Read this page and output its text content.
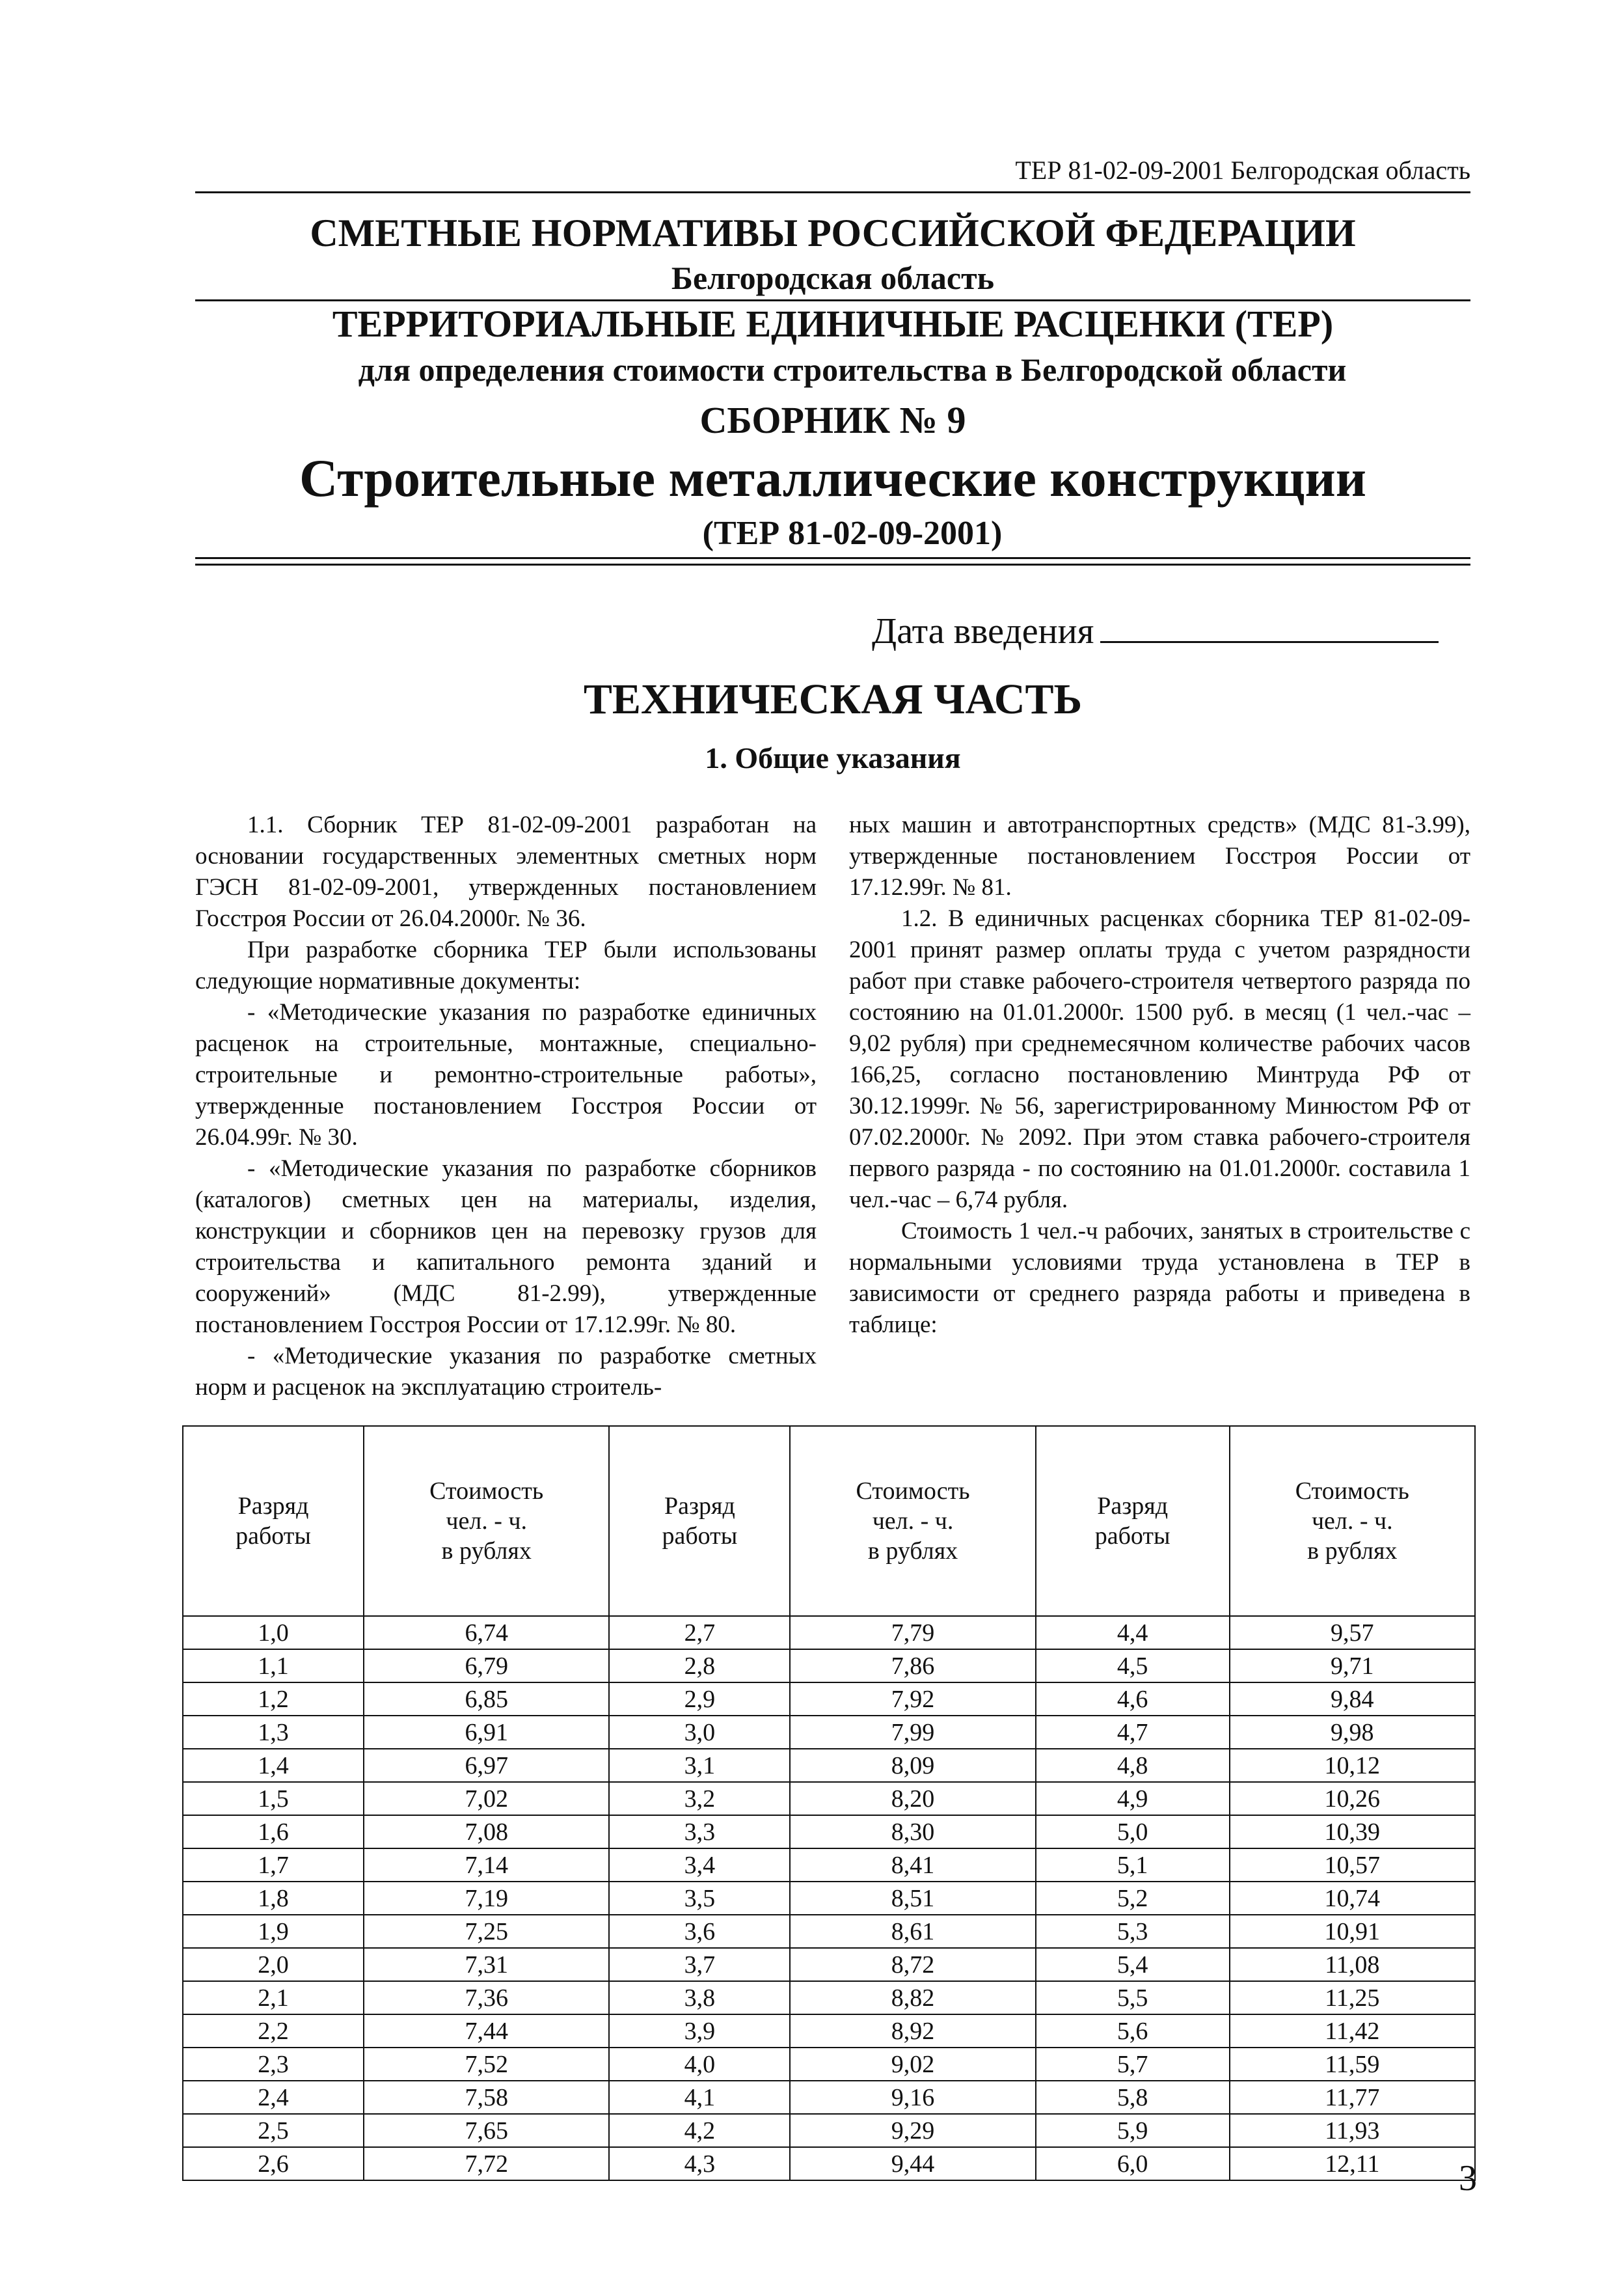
ТЕР 81-02-09-2001 Белгородская область
СМЕТНЫЕ НОРМАТИВЫ РОССИЙСКОЙ ФЕДЕРАЦИИ
Белгородская область
ТЕРРИТОРИАЛЬНЫЕ ЕДИНИЧНЫЕ РАСЦЕНКИ (ТЕР)
для определения стоимости строительства в Белгородской области
СБОРНИК № 9
Строительные металлические конструкции
(ТЕР 81-02-09-2001)
Дата введения
ТЕХНИЧЕСКАЯ ЧАСТЬ
1. Общие указания

1.1. Сборник ТЕР 81-02-09-2001 разработан на основании государственных элементных сметных норм ГЭСН 81-02-09-2001, утвержденных постановлением Госстроя России от 26.04.2000г. № 36.

При разработке сборника ТЕР были использованы следующие нормативные документы:

- «Методические указания по разработке единичных расценок на строительные, монтажные, специально-строительные и ремонтно-строительные работы», утвержденные постановлением Госстроя России от 26.04.99г. № 30.

- «Методические указания по разработке сборников (каталогов) сметных цен на материалы, изделия, конструкции и сборников цен на перевозку грузов для строительства и капитального ремонта зданий и сооружений» (МДС 81-2.99), утвержденные постановлением Госстроя России от 17.12.99г. № 80.

- «Методические указания по разработке сметных норм и расценок на эксплуатацию строитель-

ных машин и автотранспортных средств» (МДС 81-3.99), утвержденные постановлением Госстроя России от 17.12.99г. № 81.

1.2. В единичных расценках сборника ТЕР 81-02-09-2001 принят размер оплаты труда с учетом разрядности работ при ставке рабочего-строителя четвертого разряда по состоянию на 01.01.2000г. 1500 руб. в месяц (1 чел.-час – 9,02 рубля) при среднемесячном количестве рабочих часов 166,25, согласно постановлению Минтруда РФ от 30.12.1999г. № 56, зарегистрированному Минюстом РФ от 07.02.2000г. № 2092. При этом ставка рабочего-строителя первого разряда - по состоянию на 01.01.2000г. составила 1 чел.-час – 6,74 рубля.

Стоимость 1 чел.-ч рабочих, занятых в строительстве с нормальными условиями труда установлена в ТЕР в зависимости от среднего разряда работы и приведена в таблице:

Разряд работы	Стоимость
чел. - ч.
в рублях	Разряд работы	Стоимость
чел. - ч.
в рублях	Разряд работы	Стоимость
чел. - ч.
в рублях
1,0	6,74	2,7	7,79	4,4	9,57
1,1	6,79	2,8	7,86	4,5	9,71
1,2	6,85	2,9	7,92	4,6	9,84
1,3	6,91	3,0	7,99	4,7	9,98
1,4	6,97	3,1	8,09	4,8	10,12
1,5	7,02	3,2	8,20	4,9	10,26
1,6	7,08	3,3	8,30	5,0	10,39
1,7	7,14	3,4	8,41	5,1	10,57
1,8	7,19	3,5	8,51	5,2	10,74
1,9	7,25	3,6	8,61	5,3	10,91
2,0	7,31	3,7	8,72	5,4	11,08
2,1	7,36	3,8	8,82	5,5	11,25
2,2	7,44	3,9	8,92	5,6	11,42
2,3	7,52	4,0	9,02	5,7	11,59
2,4	7,58	4,1	9,16	5,8	11,77
2,5	7,65	4,2	9,29	5,9	11,93
2,6	7,72	4,3	9,44	6,0	12,11	3
